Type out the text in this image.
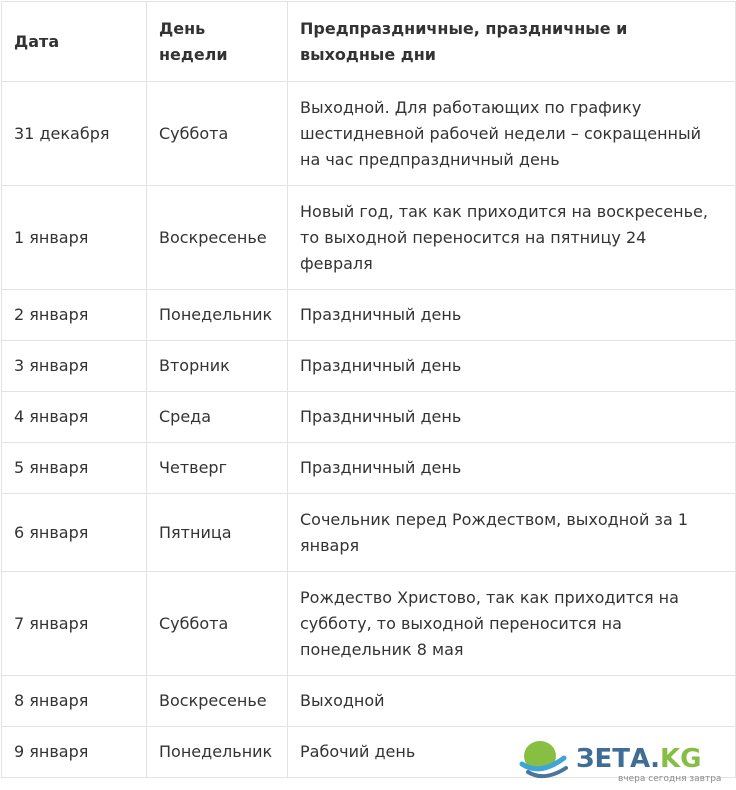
Дата	День недели	Предпраздничные, праздничные и выходные дни
31 декабря	Суббота	Выходной. Для работающих по графику шестидневной рабочей недели – сокращенный на час предпраздничный день
1 января	Воскресенье	Новый год, так как приходится на воскресенье, то выходной переносится на пятницу 24 февраля
2 января	Понедельник	Праздничный день
3 января	Вторник	Праздничный день
4 января	Среда	Праздничный день
5 января	Четверг	Праздничный день
6 января	Пятница	Сочельник перед Рождеством, выходной за 1 января
7 января	Суббота	Рождество Христово, так как приходится на субботу, то выходной переносится на понедельник 8 мая
8 января	Воскресенье	Выходной
9 января	Понедельник	Рабочий день	ЗЕТА.KG
вчера сегодня завтра
